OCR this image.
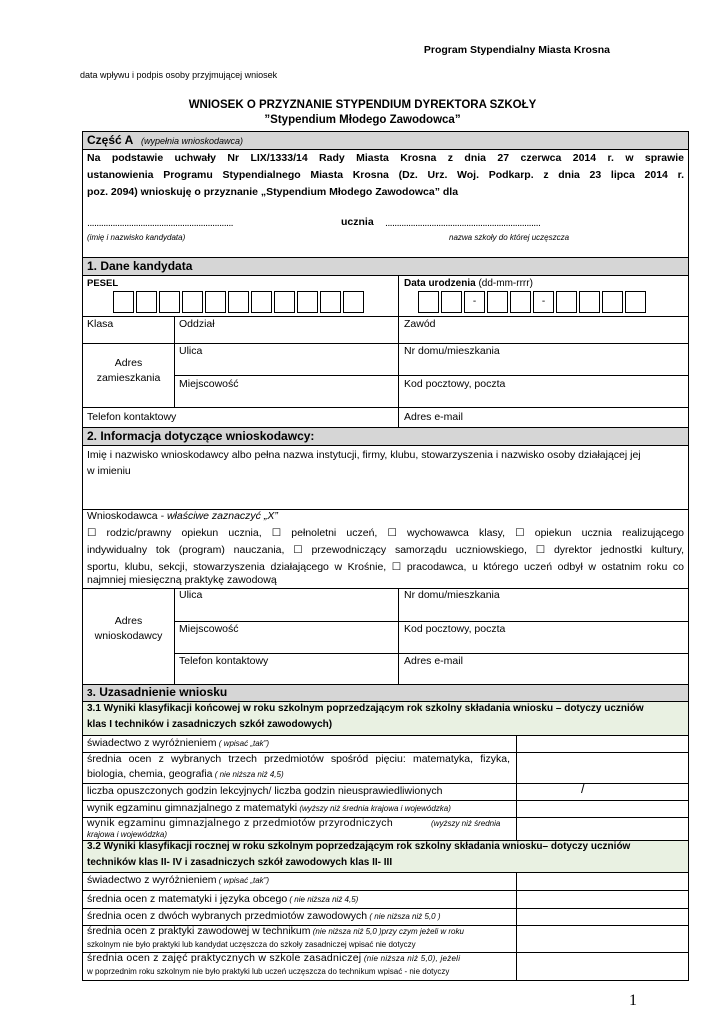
Program Stypendialny Miasta Krosna
data wpływu i podpis osoby przyjmującej wniosek
WNIOSEK O PRZYZNANIE STYPENDIUM DYREKTORA SZKOŁY
”Stypendium Młodego Zawodowca”
Część A (wypełnia wnioskodawca)
Na podstawie uchwały Nr LIX/1333/14 Rady Miasta Krosna z dnia 27 czerwca 2014 r. w sprawie
ustanowienia Programu Stypendialnego Miasta Krosna (Dz. Urz. Woj. Podkarp. z dnia 23 lipca 2014 r.
poz. 2094) wnioskuję o przyznanie „Stypendium Młodego Zawodowca” dla
...............................................................	ucznia ...................................................................
(imię i nazwisko kandydata)	nazwa szkoły do której uczęszcza
1. Dane kandydata
PESEL	Data urodzenia (dd-mm-rrrr)
-	-
Klasa	Oddział	Zawód
Adres zamieszkania
Ulica	Nr domu/mieszkania
Miejscowość	Kod pocztowy, poczta
Telefon kontaktowy	Adres e-mail
2. Informacja dotyczące wnioskodawcy:
Imię i nazwisko wnioskodawcy albo pełna nazwa instytucji, firmy, klubu, stowarzyszenia i nazwisko osoby działającej jej
w imieniu
Wnioskodawca - właściwe zaznaczyć „X”
☐ rodzic/prawny opiekun ucznia, ☐ pełnoletni uczeń, ☐ wychowawca klasy, ☐ opiekun ucznia realizującego
indywidualny tok (program) nauczania, ☐ przewodniczący samorządu uczniowskiego, ☐ dyrektor jednostki kultury,
sportu, klubu, sekcji, stowarzyszenia działającego w Krośnie, ☐ pracodawca, u którego uczeń odbył w ostatnim roku co
najmniej miesięczną praktykę zawodową
Adres wnioskodawcy
Ulica	Nr domu/mieszkania
Miejscowość	Kod pocztowy, poczta
Telefon kontaktowy	Adres e-mail
3. Uzasadnienie wniosku
3.1 Wyniki klasyfikacji końcowej w roku szkolnym poprzedzającym rok szkolny składania wniosku – dotyczy uczniów
klas I techników i zasadniczych szkół zawodowych)
świadectwo z wyróżnieniem ( wpisać „tak”)
średnia ocen z wybranych trzech przedmiotów spośród pięciu: matematyka, fizyka,
biologia, chemia, geografia ( nie niższa niż 4,5)
liczba opuszczonych godzin lekcyjnych/ liczba godzin nieusprawiedliwionych	/
wynik egzaminu gimnazjalnego z matematyki (wyższy niż średnia krajowa i wojewódzka)
wynik egzaminu gimnazjalnego z przedmiotów przyrodniczych	(wyższy niż średnia
krajowa i wojewódzka)
3.2 Wyniki klasyfikacji rocznej w roku szkolnym poprzedzającym rok szkolny składania wniosku– dotyczy uczniów
techników klas II- IV i zasadniczych szkół zawodowych klas II- III
świadectwo z wyróżnieniem ( wpisać „tak”)
średnia ocen z matematyki i języka obcego ( nie niższa niż 4,5)
średnia ocen z dwóch wybranych przedmiotów zawodowych ( nie niższa niż 5,0 )
średnia ocen z praktyki zawodowej w technikum (nie niższa niż 5,0 )przy czym jeżeli w roku
szkolnym nie było praktyki lub kandydat uczęszcza do szkoły zasadniczej wpisać nie dotyczy
średnia ocen z zajęć praktycznych w szkole zasadniczej (nie niższa niż 5,0), jeżeli
w poprzednim roku szkolnym nie było praktyki lub uczeń uczęszcza do technikum wpisać - nie dotyczy
1
